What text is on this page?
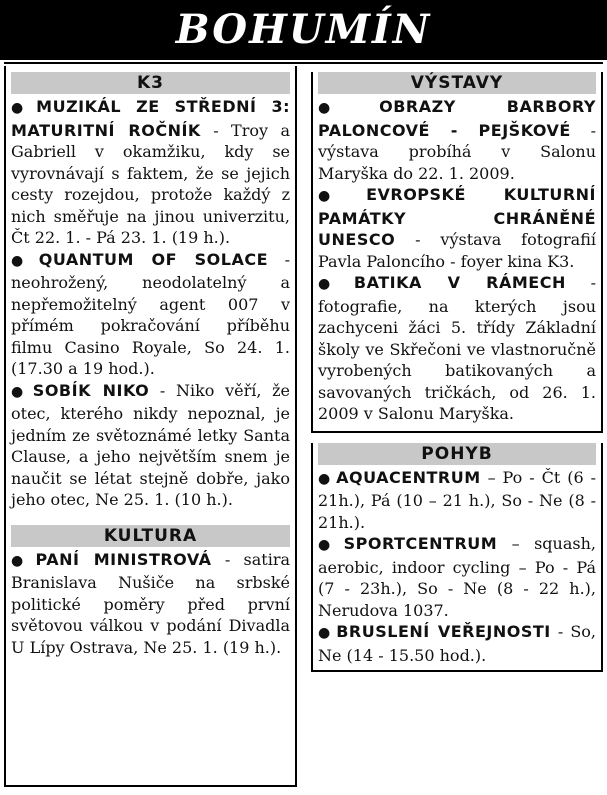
BOHUMÍN
K3

● MUZIKÁL ZE STŘEDNÍ 3: MATURITNÍ ROČNÍK - Troy a Gabriell v okamžiku, kdy se vyrovnávají s faktem, že se jejich cesty rozejdou, protože každý z nich směřuje na jinou univerzitu, Čt 22. 1. - Pá 23. 1. (19 h.).

● QUANTUM OF SOLACE - neohrožený, neodolatelný a nepřemožitelný agent 007 v přímém pokračování příběhu filmu Casino Royale, So 24. 1. (17.30 a 19 hod.).

● SOBÍK NIKO - Niko věří, že otec, kterého nikdy nepoznal, je jedním ze světoznámé letky Santa Clause, a jeho největším snem je naučit se létat stejně dobře, jako jeho otec, Ne 25. 1. (10 h.).

KULTURA

● PANÍ MINISTROVÁ - satira Branislava Nušiče na srbské politické poměry před první světovou válkou v podání Divadla U Lípy Ostrava, Ne 25. 1. (19 h.).

VÝSTAVY

● OBRAZY BARBORY PALONCOVÉ - PEJŠKOVÉ - výstava probíhá v Salonu Maryška do 22. 1. 2009.

● EVROPSKÉ KULTURNÍ PAMÁTKY CHRÁNĚNÉ UNESCO - výstava fotografií Pavla Paloncího - foyer kina K3.

● BATIKA V RÁMECH - fotografie, na kterých jsou zachyceni žáci 5. třídy Základní školy ve Skřečoni ve vlastnoručně vyrobených batikovaných a savovaných tričkách, od 26. 1. 2009 v Salonu Maryška.

POHYB

● AQUACENTRUM – Po - Čt (6 - 21h.), Pá (10 – 21 h.), So - Ne (8 - 21h.).

● SPORTCENTRUM – squash, aerobic, indoor cycling – Po - Pá (7 - 23h.), So - Ne (8 - 22 h.), Nerudova 1037.

● BRUSLENÍ VEŘEJNOSTI - So, Ne (14 - 15.50 hod.).
